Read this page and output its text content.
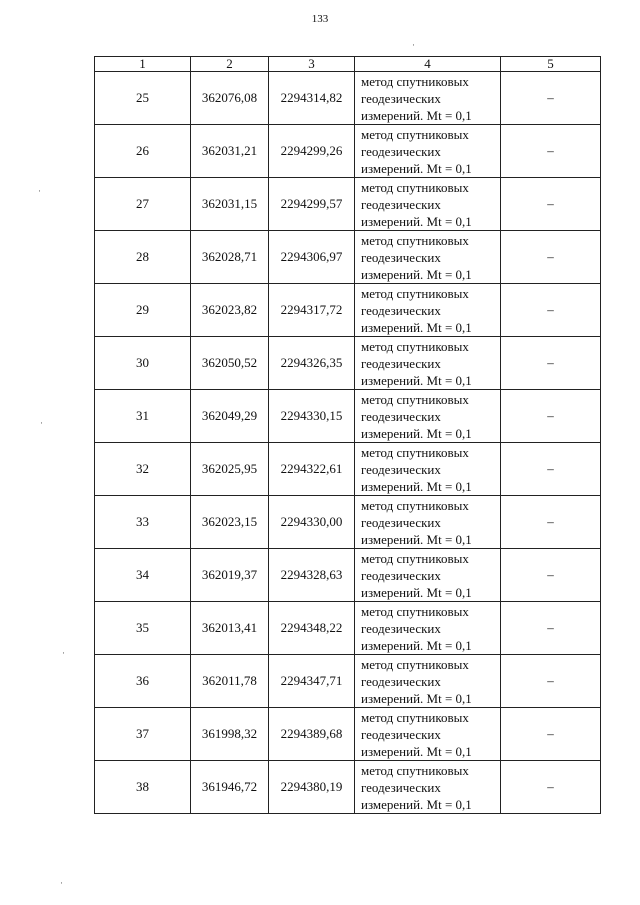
133
·
·
·
·
·
1	2	3	4	5
25	362076,08	2294314,82	метод спутниковых
геодезических
измерений. Mt = 0,1	–
26	362031,21	2294299,26	метод спутниковых
геодезических
измерений. Mt = 0,1	–
27	362031,15	2294299,57	метод спутниковых
геодезических
измерений. Mt = 0,1	–
28	362028,71	2294306,97	метод спутниковых
геодезических
измерений. Mt = 0,1	–
29	362023,82	2294317,72	метод спутниковых
геодезических
измерений. Mt = 0,1	–
30	362050,52	2294326,35	метод спутниковых
геодезических
измерений. Mt = 0,1	–
31	362049,29	2294330,15	метод спутниковых
геодезических
измерений. Mt = 0,1	–
32	362025,95	2294322,61	метод спутниковых
геодезических
измерений. Mt = 0,1	–
33	362023,15	2294330,00	метод спутниковых
геодезических
измерений. Mt = 0,1	–
34	362019,37	2294328,63	метод спутниковых
геодезических
измерений. Mt = 0,1	–
35	362013,41	2294348,22	метод спутниковых
геодезических
измерений. Mt = 0,1	–
36	362011,78	2294347,71	метод спутниковых
геодезических
измерений. Mt = 0,1	–
37	361998,32	2294389,68	метод спутниковых
геодезических
измерений. Mt = 0,1	–
38	361946,72	2294380,19	метод спутниковых
геодезических
измерений. Mt = 0,1	–
